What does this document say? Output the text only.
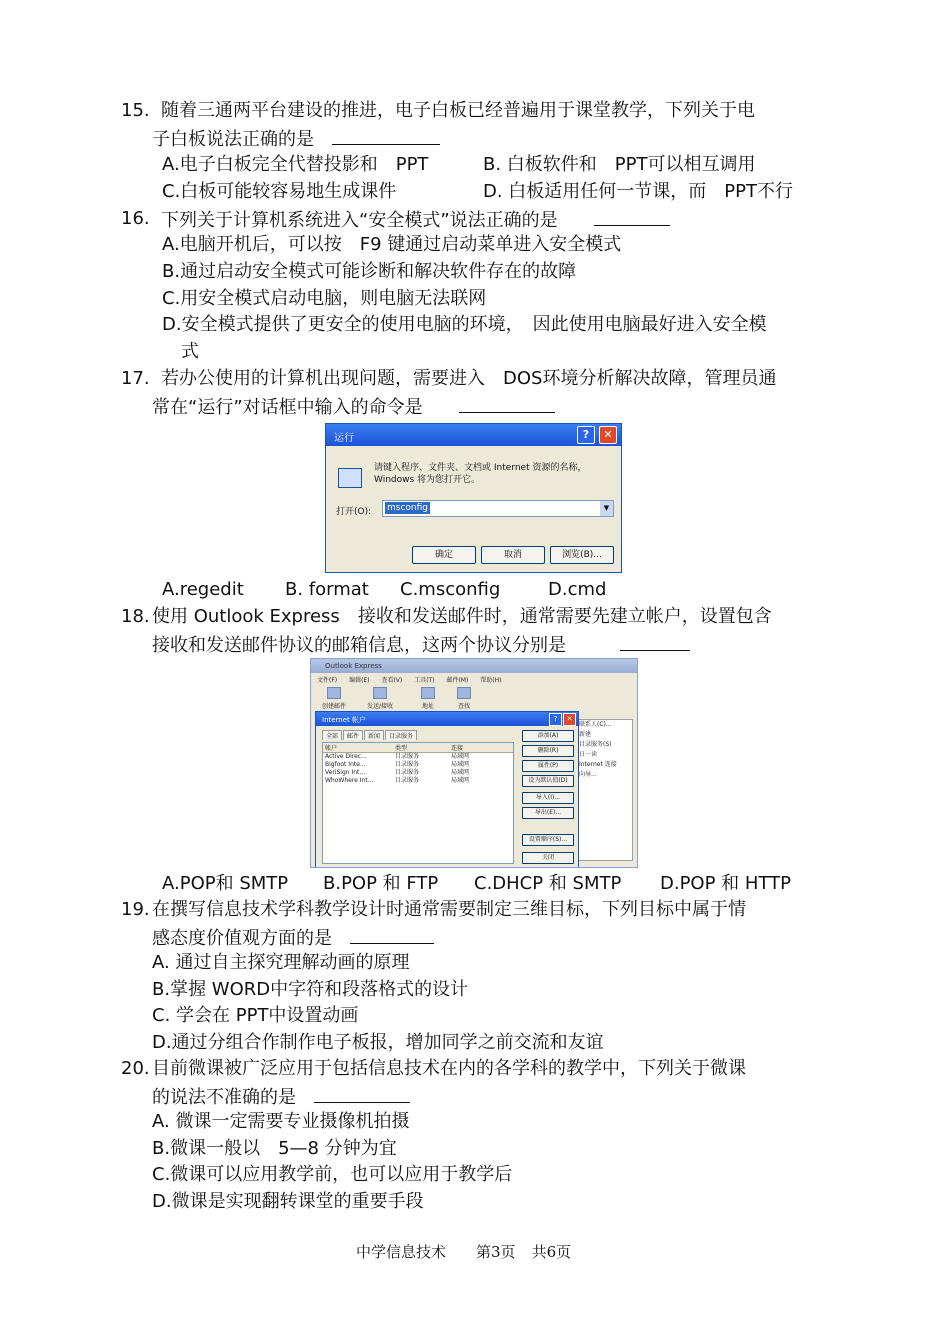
15. 随着三通两平台建设的推进，电子白板已经普遍用于课堂教学，下列关于电
子白板说法正确的是　
A.电子白板完全代替投影和　PPT	B. 白板软件和　PPT可以相互调用
C.白板可能较容易地生成课件	D. 白板适用任何一节课，而　PPT不行
16. 下列关于计算机系统进入“安全模式”说法正确的是　　
A.电脑开机后，可以按　F9 键通过启动菜单进入安全模式
B.通过启动安全模式可能诊断和解决软件存在的故障
C.用安全模式启动电脑，则电脑无法联网
D.安全模式提供了更安全的使用电脑的环境，　因此使用电脑最好进入安全模
式
17. 若办公使用的计算机出现问题，需要进入　DOS环境分析解决故障，管理员通
常在“运行”对话框中输入的命令是　　
运行	?	✕
请键入程序、文件夹、文档或 Internet 资源的名称，Windows 将为您打开它。
打开(O): msconfig	▼
确定	取消	浏览(B)...
A.regedit B. format C.msconfig	D.cmd
18. 使用 Outlook Express　接收和发送邮件时，通常需要先建立帐户，设置包含
接收和发送邮件协议的邮箱信息，这两个协议分别是　　　
Outlook Express
文件(F) 编辑(E) 查看(V) 工具(T) 邮件(M) 帮助(H)
创建邮件	发送/接收	地址	查找
联系人(C)...
新建
目录服务(S)
日一读
Internet 连接
向导...
Internet 帐户	?	✕
全部 邮件 新闻 目录服务
帐户	类型	连接
Active Direc...	目录服务	局域网
Bigfoot Inte...	目录服务	局域网
VeriSign Int...	目录服务	局域网
WhoWhere Int...	目录服务	局域网
添加(A)
删除(R)
属性(P)
设为默认值(D)
导入(I)...
导出(E)...
设置顺序(S)...
关闭
A.POP和 SMTP B.POP 和 FTP C.DHCP 和 SMTP D.POP 和 HTTP
19. 在撰写信息技术学科教学设计时通常需要制定三维目标，下列目标中属于情
感态度价值观方面的是　
A. 通过自主探究理解动画的原理
B.掌握 WORD中字符和段落格式的设计
C. 学会在 PPT中设置动画
D.通过分组合作制作电子板报，增加同学之前交流和友谊
20. 目前微课被广泛应用于包括信息技术在内的各学科的教学中，下列关于微课
的说法不准确的是　
A. 微课一定需要专业摄像机拍摄
B.微课一般以　5—8 分钟为宜
C.微课可以应用教学前，也可以应用于教学后
D.微课是实现翻转课堂的重要手段
中学信息技术 第3页 共6页
